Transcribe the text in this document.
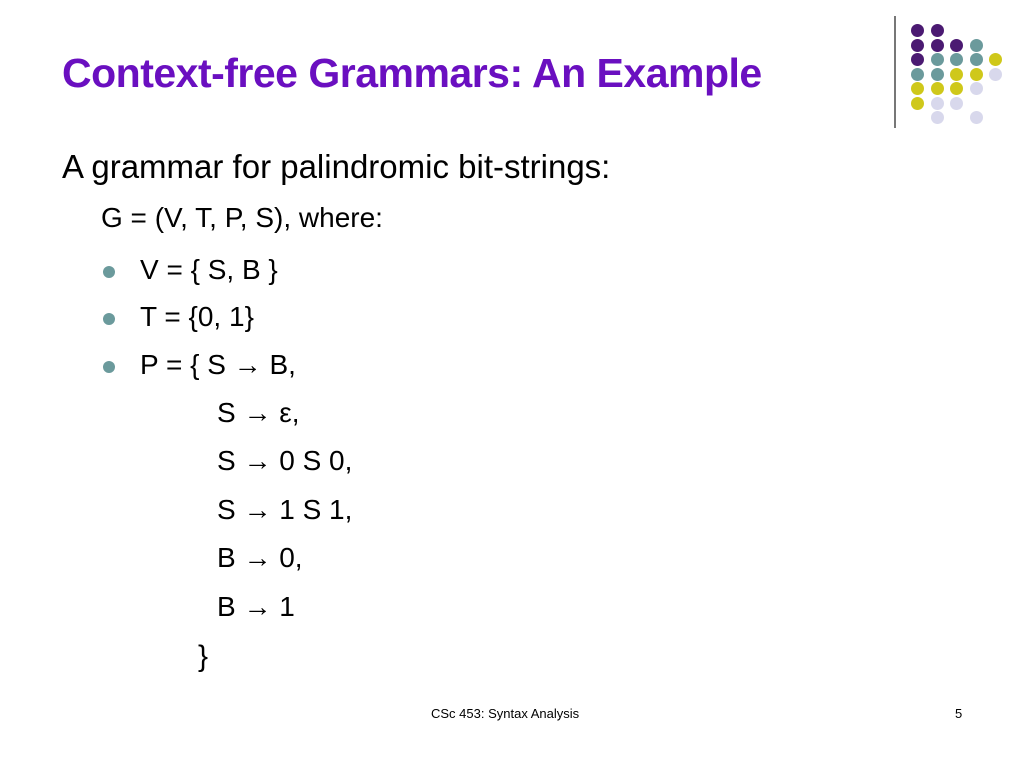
Context-free Grammars: An Example
A grammar for palindromic bit-strings:
G = (V, T, P, S), where:
V = { S, B }
T = {0, 1}
P = { S → B,
S → ε,
S → 0 S 0,
S → 1 S 1,
B → 0,
B → 1
}
CSc 453: Syntax Analysis	5
